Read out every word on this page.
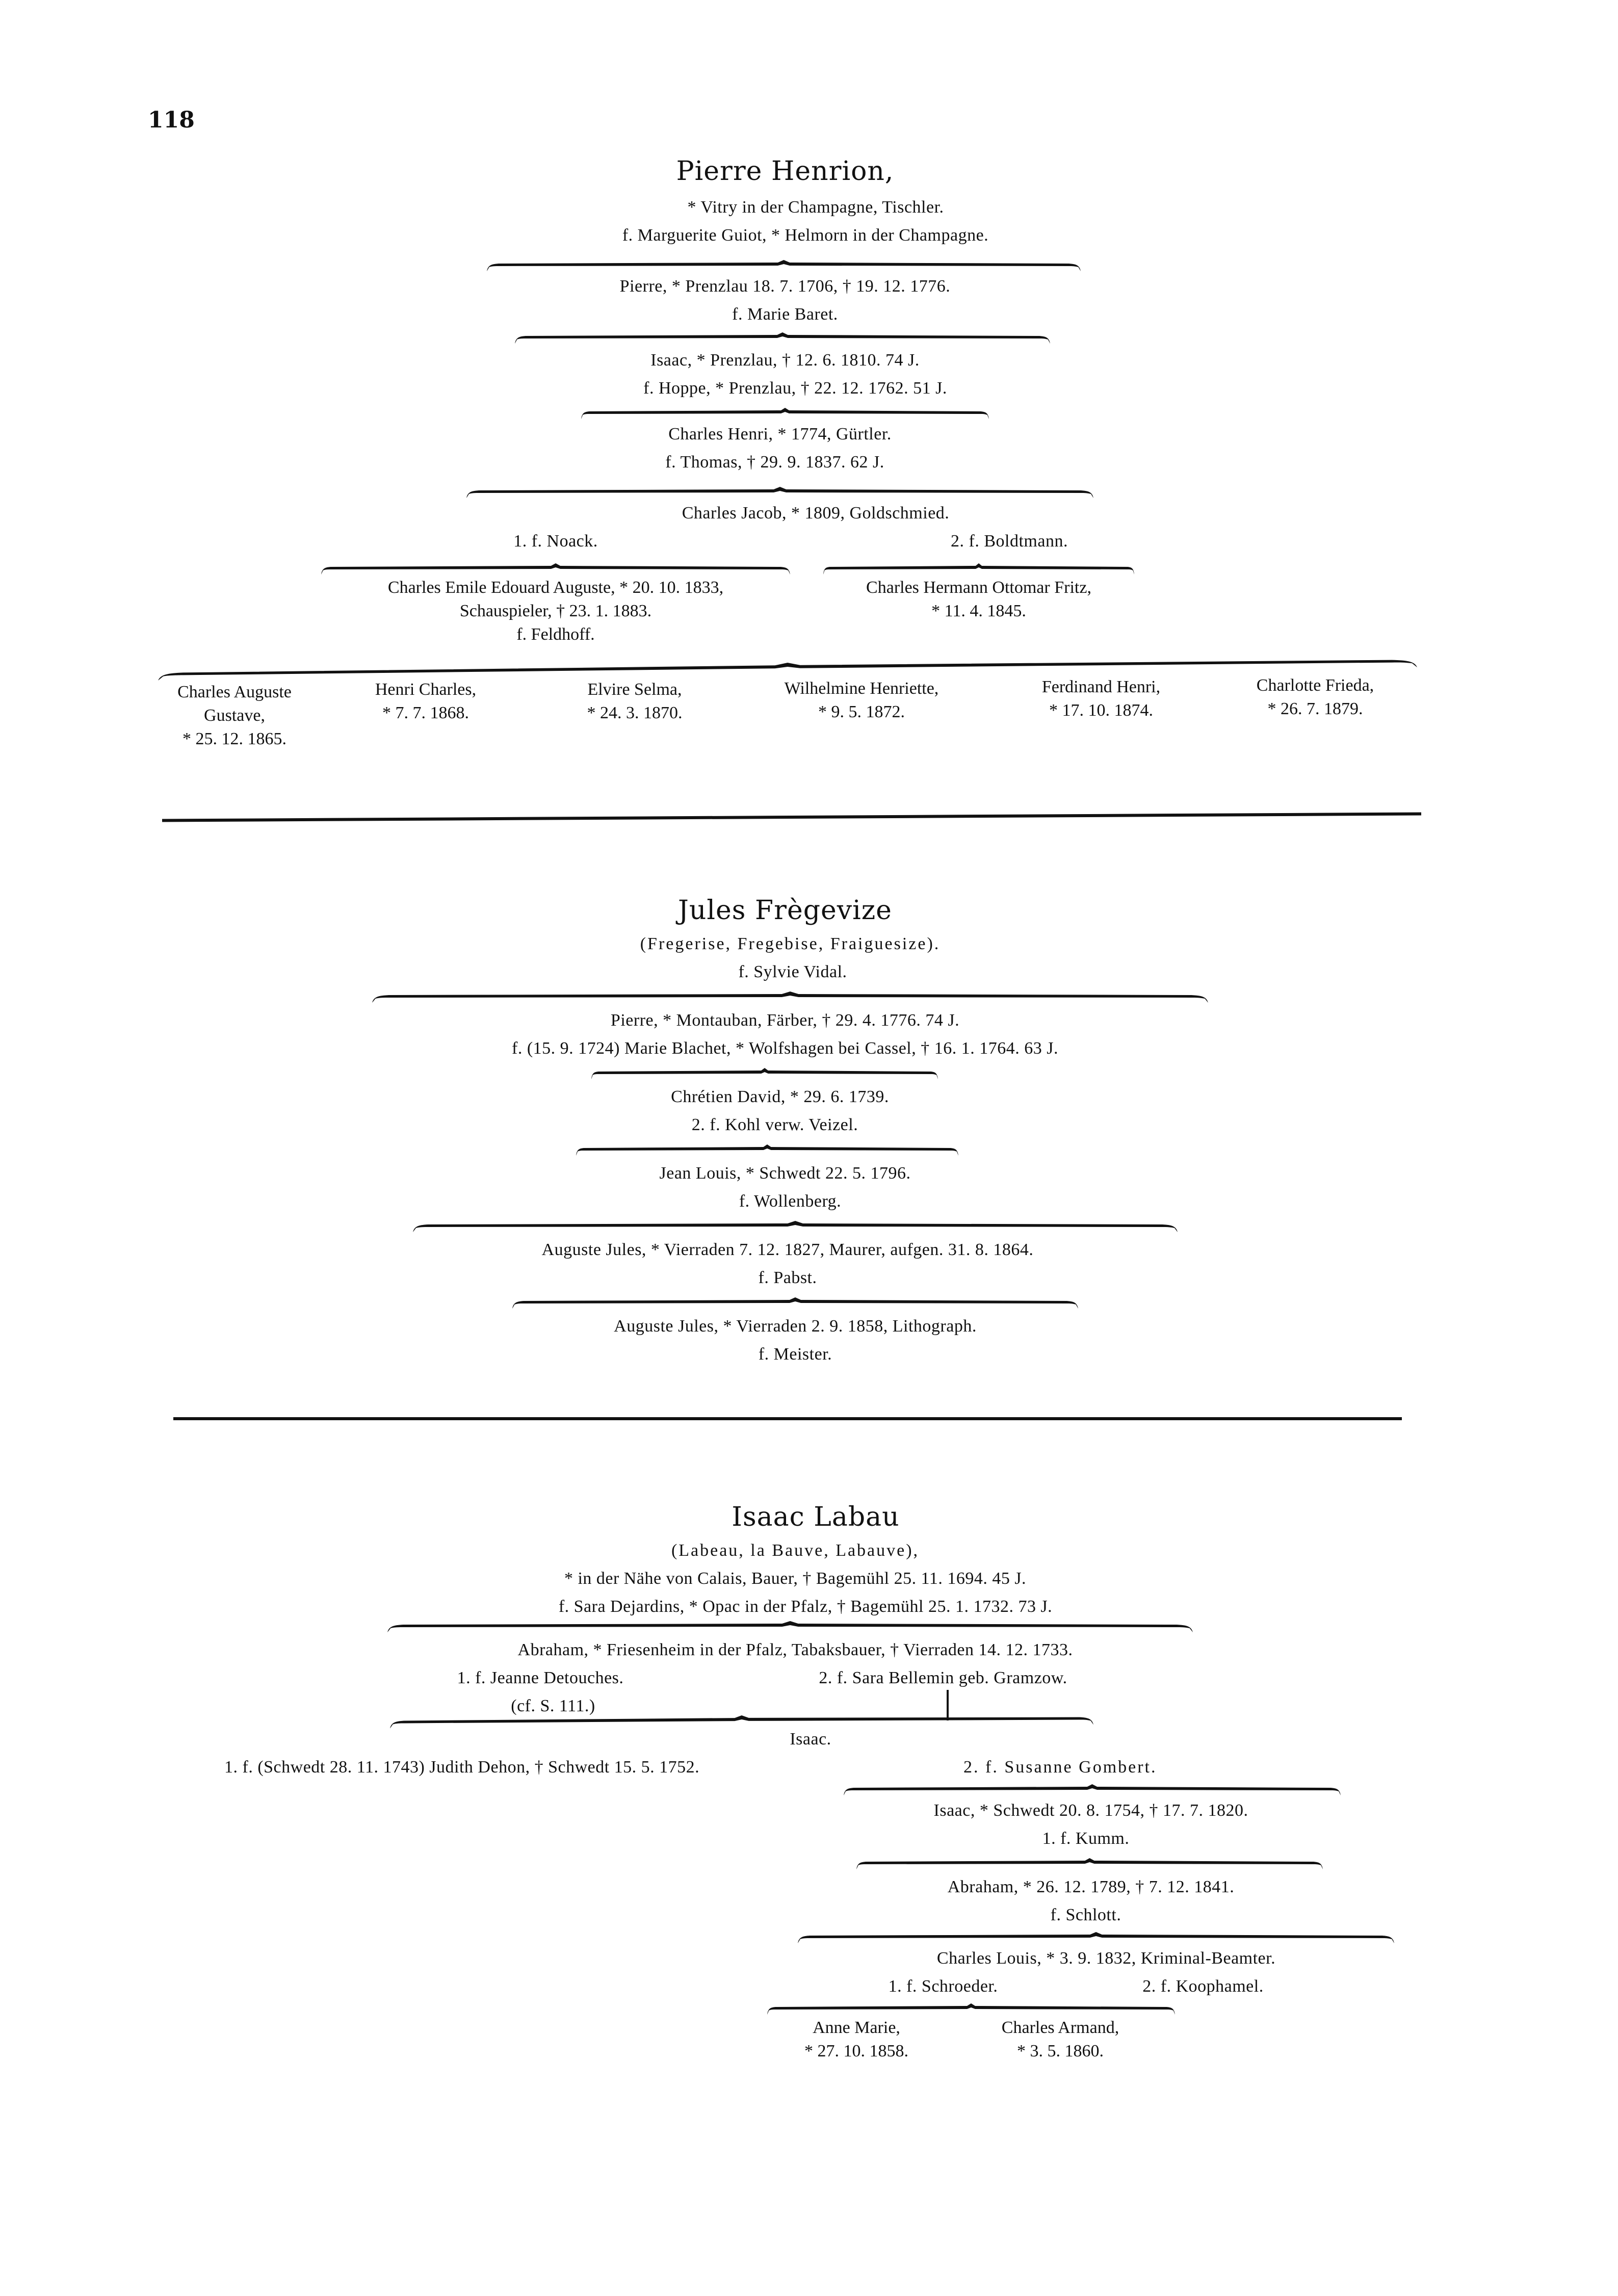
118
Pierre Henrion,
* Vitry in der Champagne, Tischler.
f. Marguerite Guiot, * Helmorn in der Champagne.
Pierre, * Prenzlau 18. 7. 1706, † 19. 12. 1776.
f. Marie Baret.
Isaac, * Prenzlau, † 12. 6. 1810. 74 J.
f. Hoppe, * Prenzlau, † 22. 12. 1762. 51 J.
Charles Henri, * 1774, Gürtler.
f. Thomas, † 29. 9. 1837. 62 J.
Charles Jacob, * 1809, Goldschmied.
1. f. Noack.	2. f. Boldtmann.
Charles Emile Edouard Auguste, * 20. 10. 1833,
Schauspieler, † 23. 1. 1883.
f. Feldhoff.
Charles Hermann Ottomar Fritz,
* 11. 4. 1845.
Charles Auguste
Gustave,
* 25. 12. 1865.
Henri Charles,
* 7. 7. 1868.
Elvire Selma,
* 24. 3. 1870.
Wilhelmine Henriette,
* 9. 5. 1872.
Ferdinand Henri,
* 17. 10. 1874.
Charlotte Frieda,
* 26. 7. 1879.
Jules Frègevize
(Fregerise, Fregebise, Fraiguesize).
f. Sylvie Vidal.
Pierre, * Montauban, Färber, † 29. 4. 1776. 74 J.
f. (15. 9. 1724) Marie Blachet, * Wolfshagen bei Cassel, † 16. 1. 1764. 63 J.
Chrétien David, * 29. 6. 1739.
2. f. Kohl verw. Veizel.
Jean Louis, * Schwedt 22. 5. 1796.
f. Wollenberg.
Auguste Jules, * Vierraden 7. 12. 1827, Maurer, aufgen. 31. 8. 1864.
f. Pabst.
Auguste Jules, * Vierraden 2. 9. 1858, Lithograph.
f. Meister.
Isaac Labau
(Labeau, la Bauve, Labauve),
* in der Nähe von Calais, Bauer, † Bagemühl 25. 11. 1694. 45 J.
f. Sara Dejardins, * Opac in der Pfalz, † Bagemühl 25. 1. 1732. 73 J.
Abraham, * Friesenheim in der Pfalz, Tabaksbauer, † Vierraden 14. 12. 1733.
1. f. Jeanne Detouches.	2. f. Sara Bellemin geb. Gramzow.
(cf. S. 111.)
Isaac.
1. f. (Schwedt 28. 11. 1743) Judith Dehon, † Schwedt 15. 5. 1752.	2. f. Susanne Gombert.
Isaac, * Schwedt 20. 8. 1754, † 17. 7. 1820.
1. f. Kumm.
Abraham, * 26. 12. 1789, † 7. 12. 1841.
f. Schlott.
Charles Louis, * 3. 9. 1832, Kriminal-Beamter.
1. f. Schroeder.	2. f. Koophamel.
Anne Marie,
* 27. 10. 1858.
Charles Armand,
* 3. 5. 1860.
